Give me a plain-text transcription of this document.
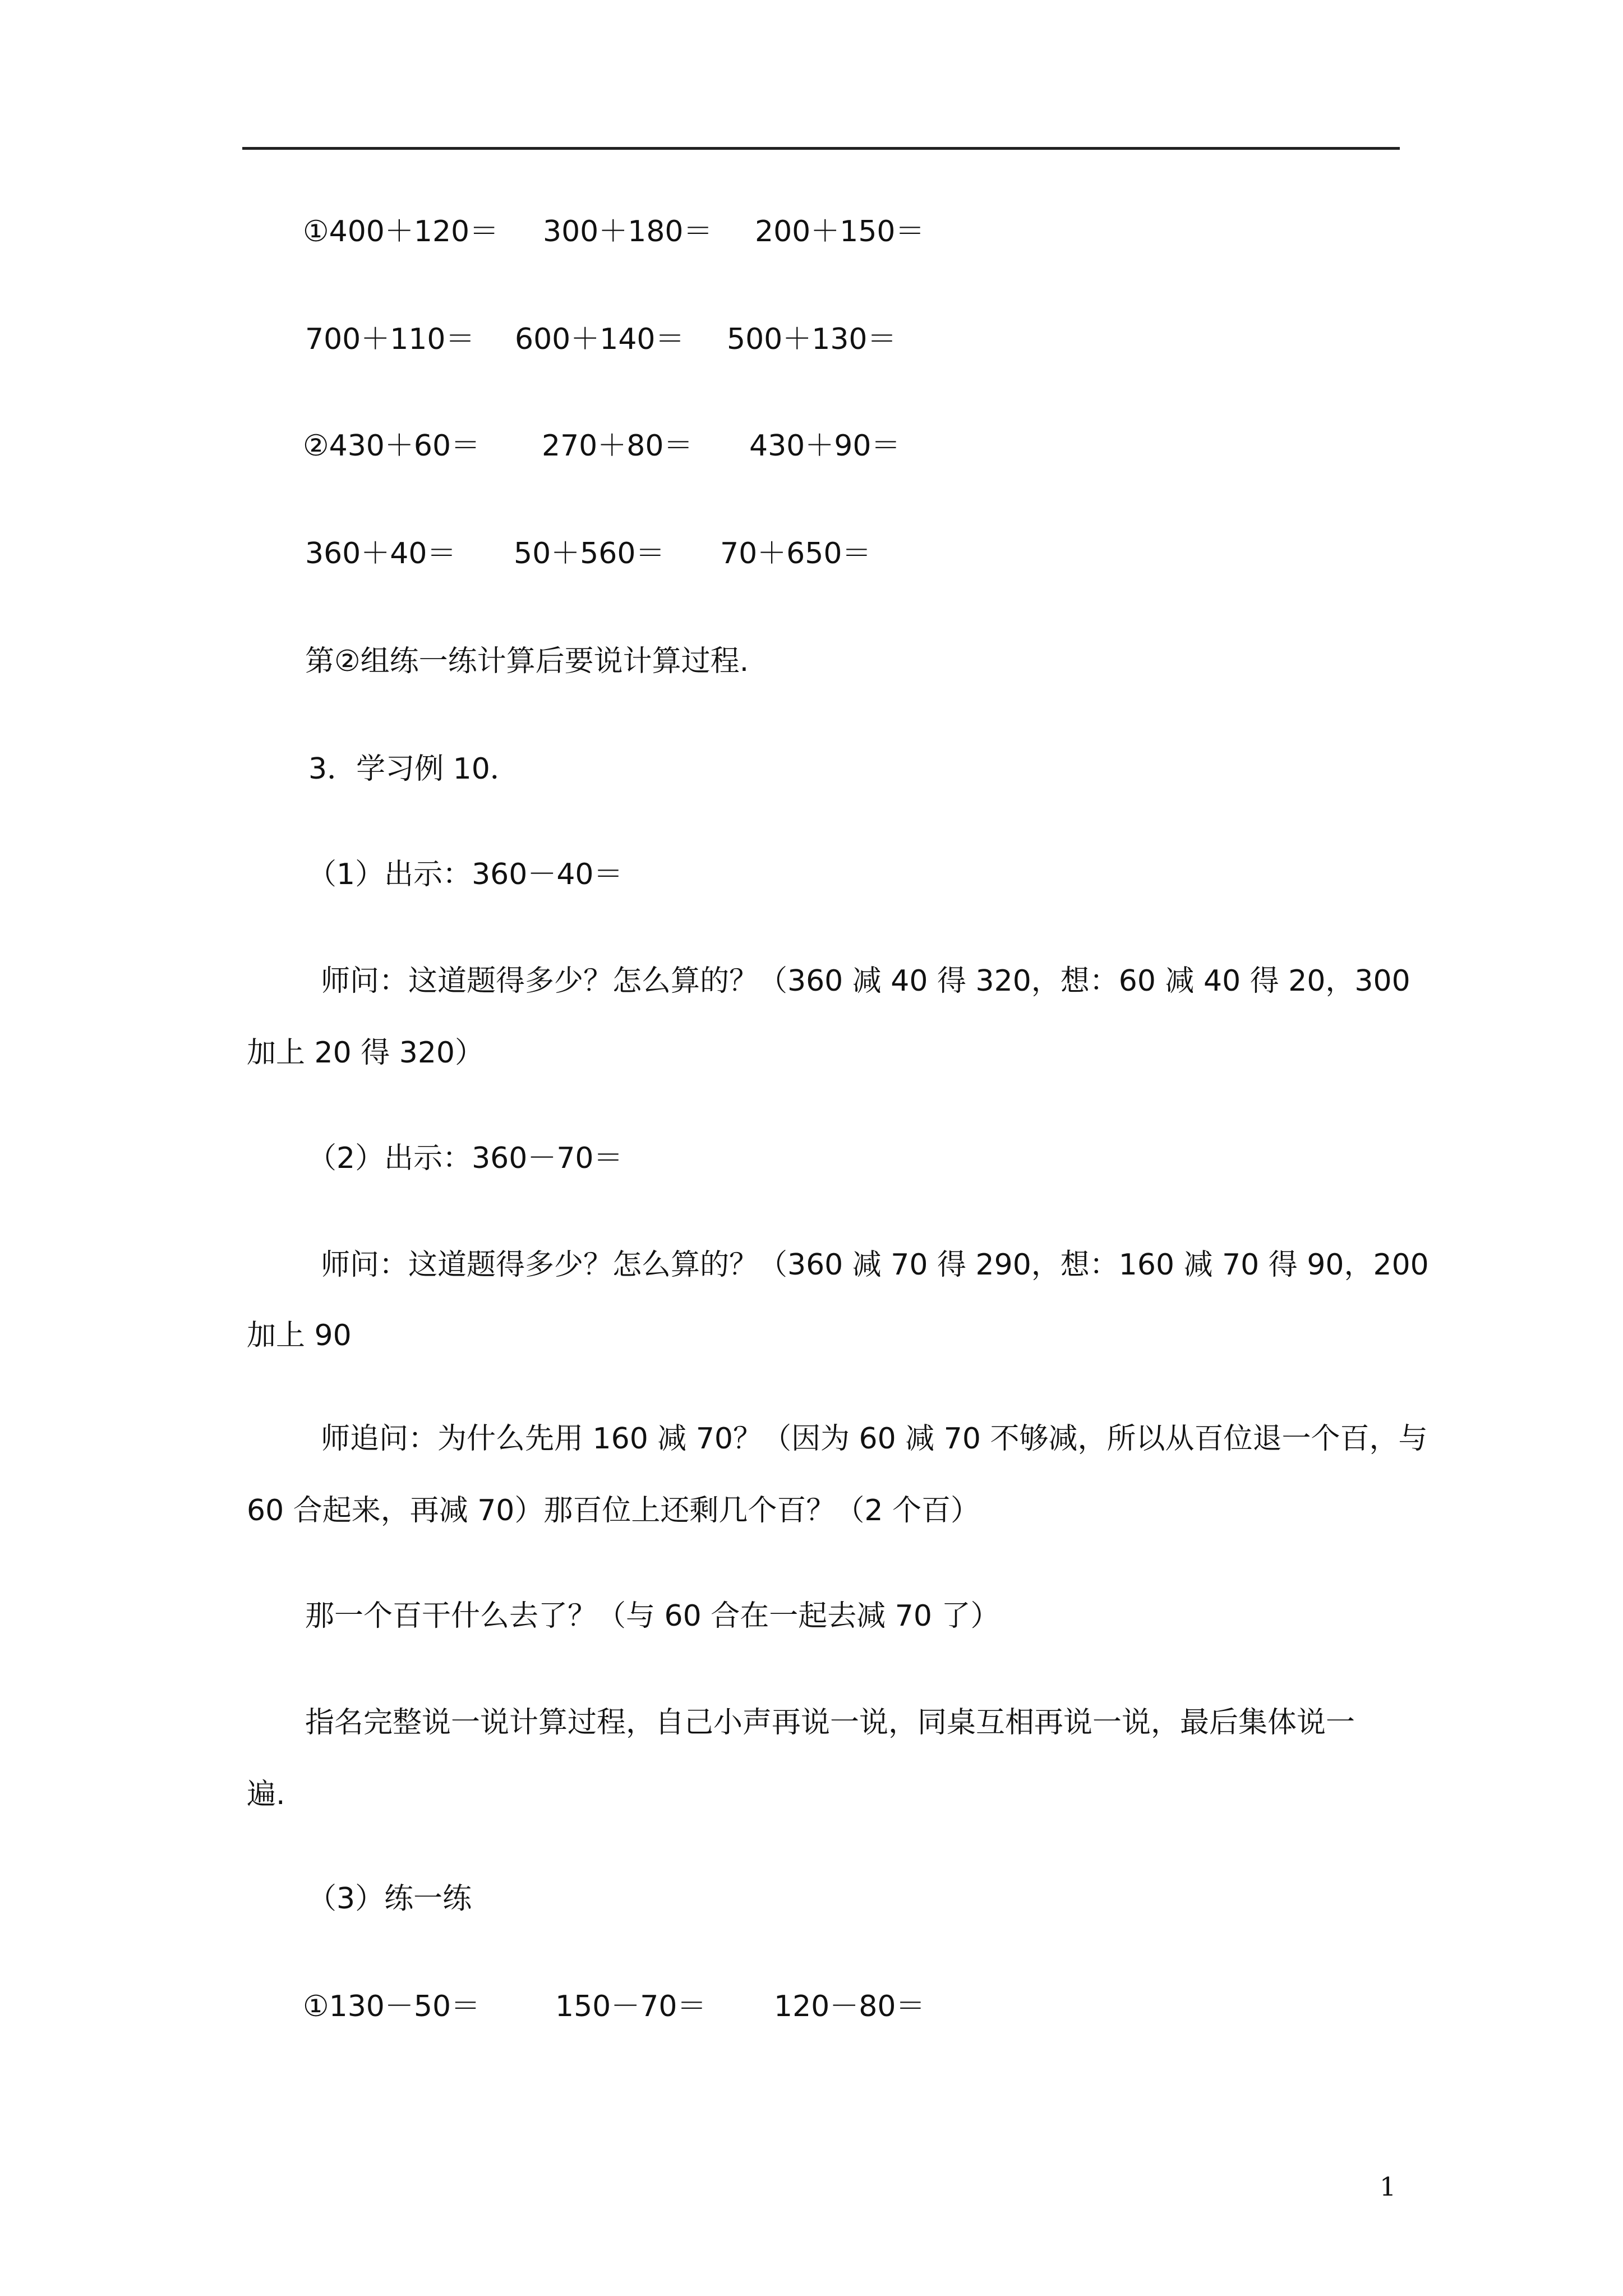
①400＋120＝ 300＋180＝ 200＋150＝
700＋110＝ 600＋140＝ 500＋130＝
②430＋60＝ 270＋80＝ 430＋90＝
360＋40＝ 50＋560＝ 70＋650＝
第②组练一练计算后要说计算过程.
3．学习例 10．
（1）出示：360－40＝
师问：这道题得多少？怎么算的？（360 减 40 得 320，想：60 减 40 得 20，300
加上 20 得 320）
（2）出示：360－70＝
师问：这道题得多少？怎么算的？（360 减 70 得 290，想：160 减 70 得 90，200
加上 90
师追问：为什么先用 160 减 70？（因为 60 减 70 不够减，所以从百位退一个百，与
60 合起来，再减 70）那百位上还剩几个百？（2 个百）
那一个百干什么去了？（与 60 合在一起去减 70 了）
指名完整说一说计算过程，自己小声再说一说，同桌互相再说一说，最后集体说一
遍.
（3）练一练
①130－50＝	150－70＝ 120－80＝
1
